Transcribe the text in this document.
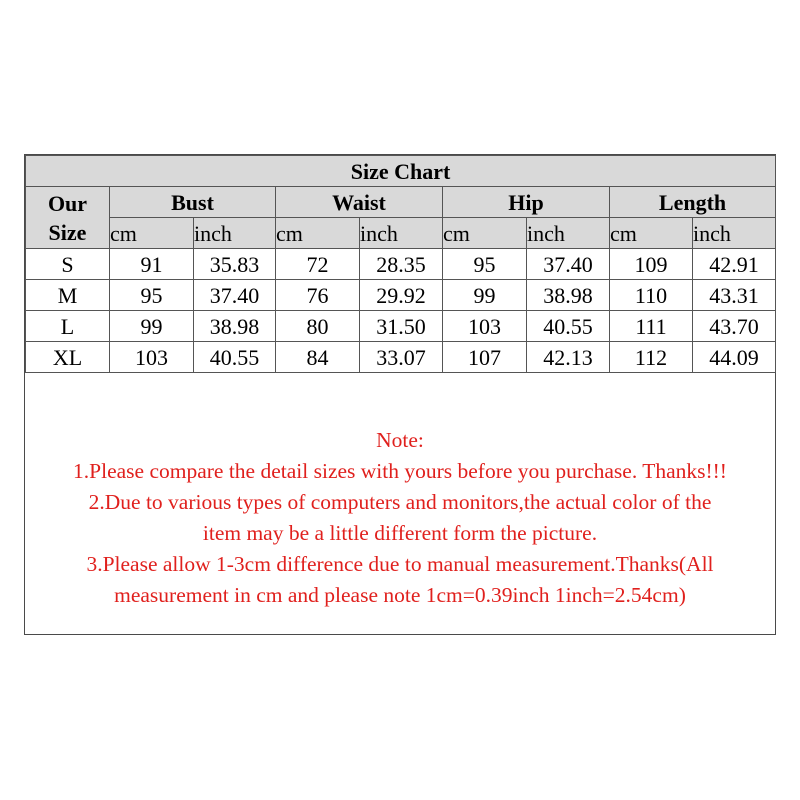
Size Chart								

Our
Size	Bust		Waist		Hip		Length	
	cm	inch	cm	inch	cm	inch	cm	inch
S	91	35.83	72	28.35	95	37.40	109	42.91
M	95	37.40	76	29.92	99	38.98	110	43.31
L	99	38.98	80	31.50	103	40.55	111	43.70
XL	103	40.55	84	33.07	107	42.13	112	44.09
Note:
1.Please compare the detail sizes with yours before you purchase. Thanks!!!
2.Due to various types of computers and monitors,the actual color of the
item may be a little different form the picture.
3.Please allow 1-3cm difference due to manual measurement.Thanks(All
measurement in cm and please note 1cm=0.39inch 1inch=2.54cm)
